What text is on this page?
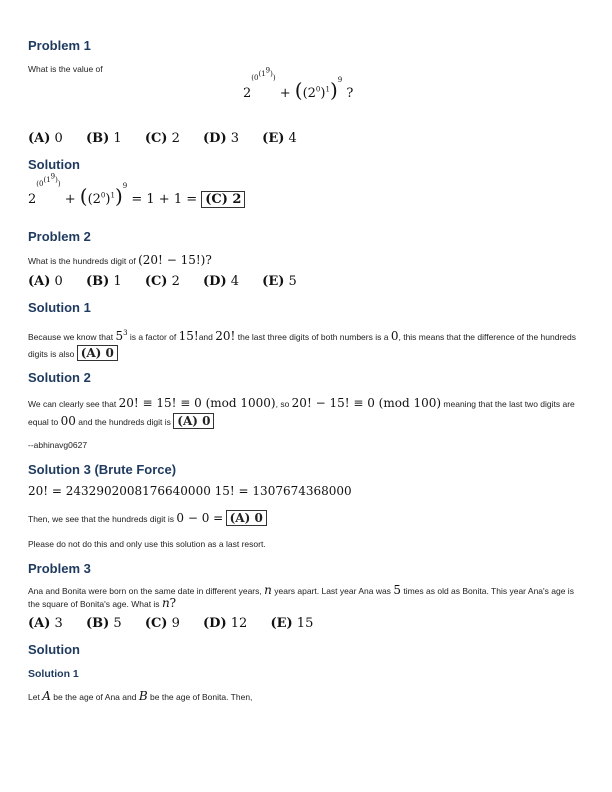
Problem 1

What is the value of

$2^{(0^{(1^9)})} + ((2^0)^1)^9$ ?
(A) 0 (B) 1 (C) 2 (D) 3 (E) 4
Solution
$2^{(0^{(1^9)})} + ((2^0)^1)^9 = 1 + 1 = (C)$ 2
Problem 2

What is the hundreds digit of (20! − 15!)?

(A) 0 (B) 1 (C) 2 (D) 4 (E) 5
Solution 1

Because we know that $5^3$ is a factor of 15!and 20! the last three digits of both numbers is a 0, this means that the difference of the hundreds digits is also (A) 0

Solution 2

We can clearly see that 20! ≡ 15! ≡ 0 (mod 1000), so 20! − 15! ≡ 0 (mod 100) meaning that the last two digits are equal to 00 and the hundreds digit is (A) 0

--abhinavg0627

Solution 3 (Brute Force)
20! = 2432902008176640000 15! = 1307674368000

Then, we see that the hundreds digit is 0 − 0 = (A) 0

Please do not do this and only use this solution as a last resort.

Problem 3

Ana and Bonita were born on the same date in different years, n years apart. Last year Ana was 5 times as old as Bonita. This year Ana's age is the square of Bonita's age. What is n?

(A) 3 (B) 5 (C) 9 (D) 12 (E) 15
Solution
Solution 1

Let A be the age of Ana and B be the age of Bonita. Then,
